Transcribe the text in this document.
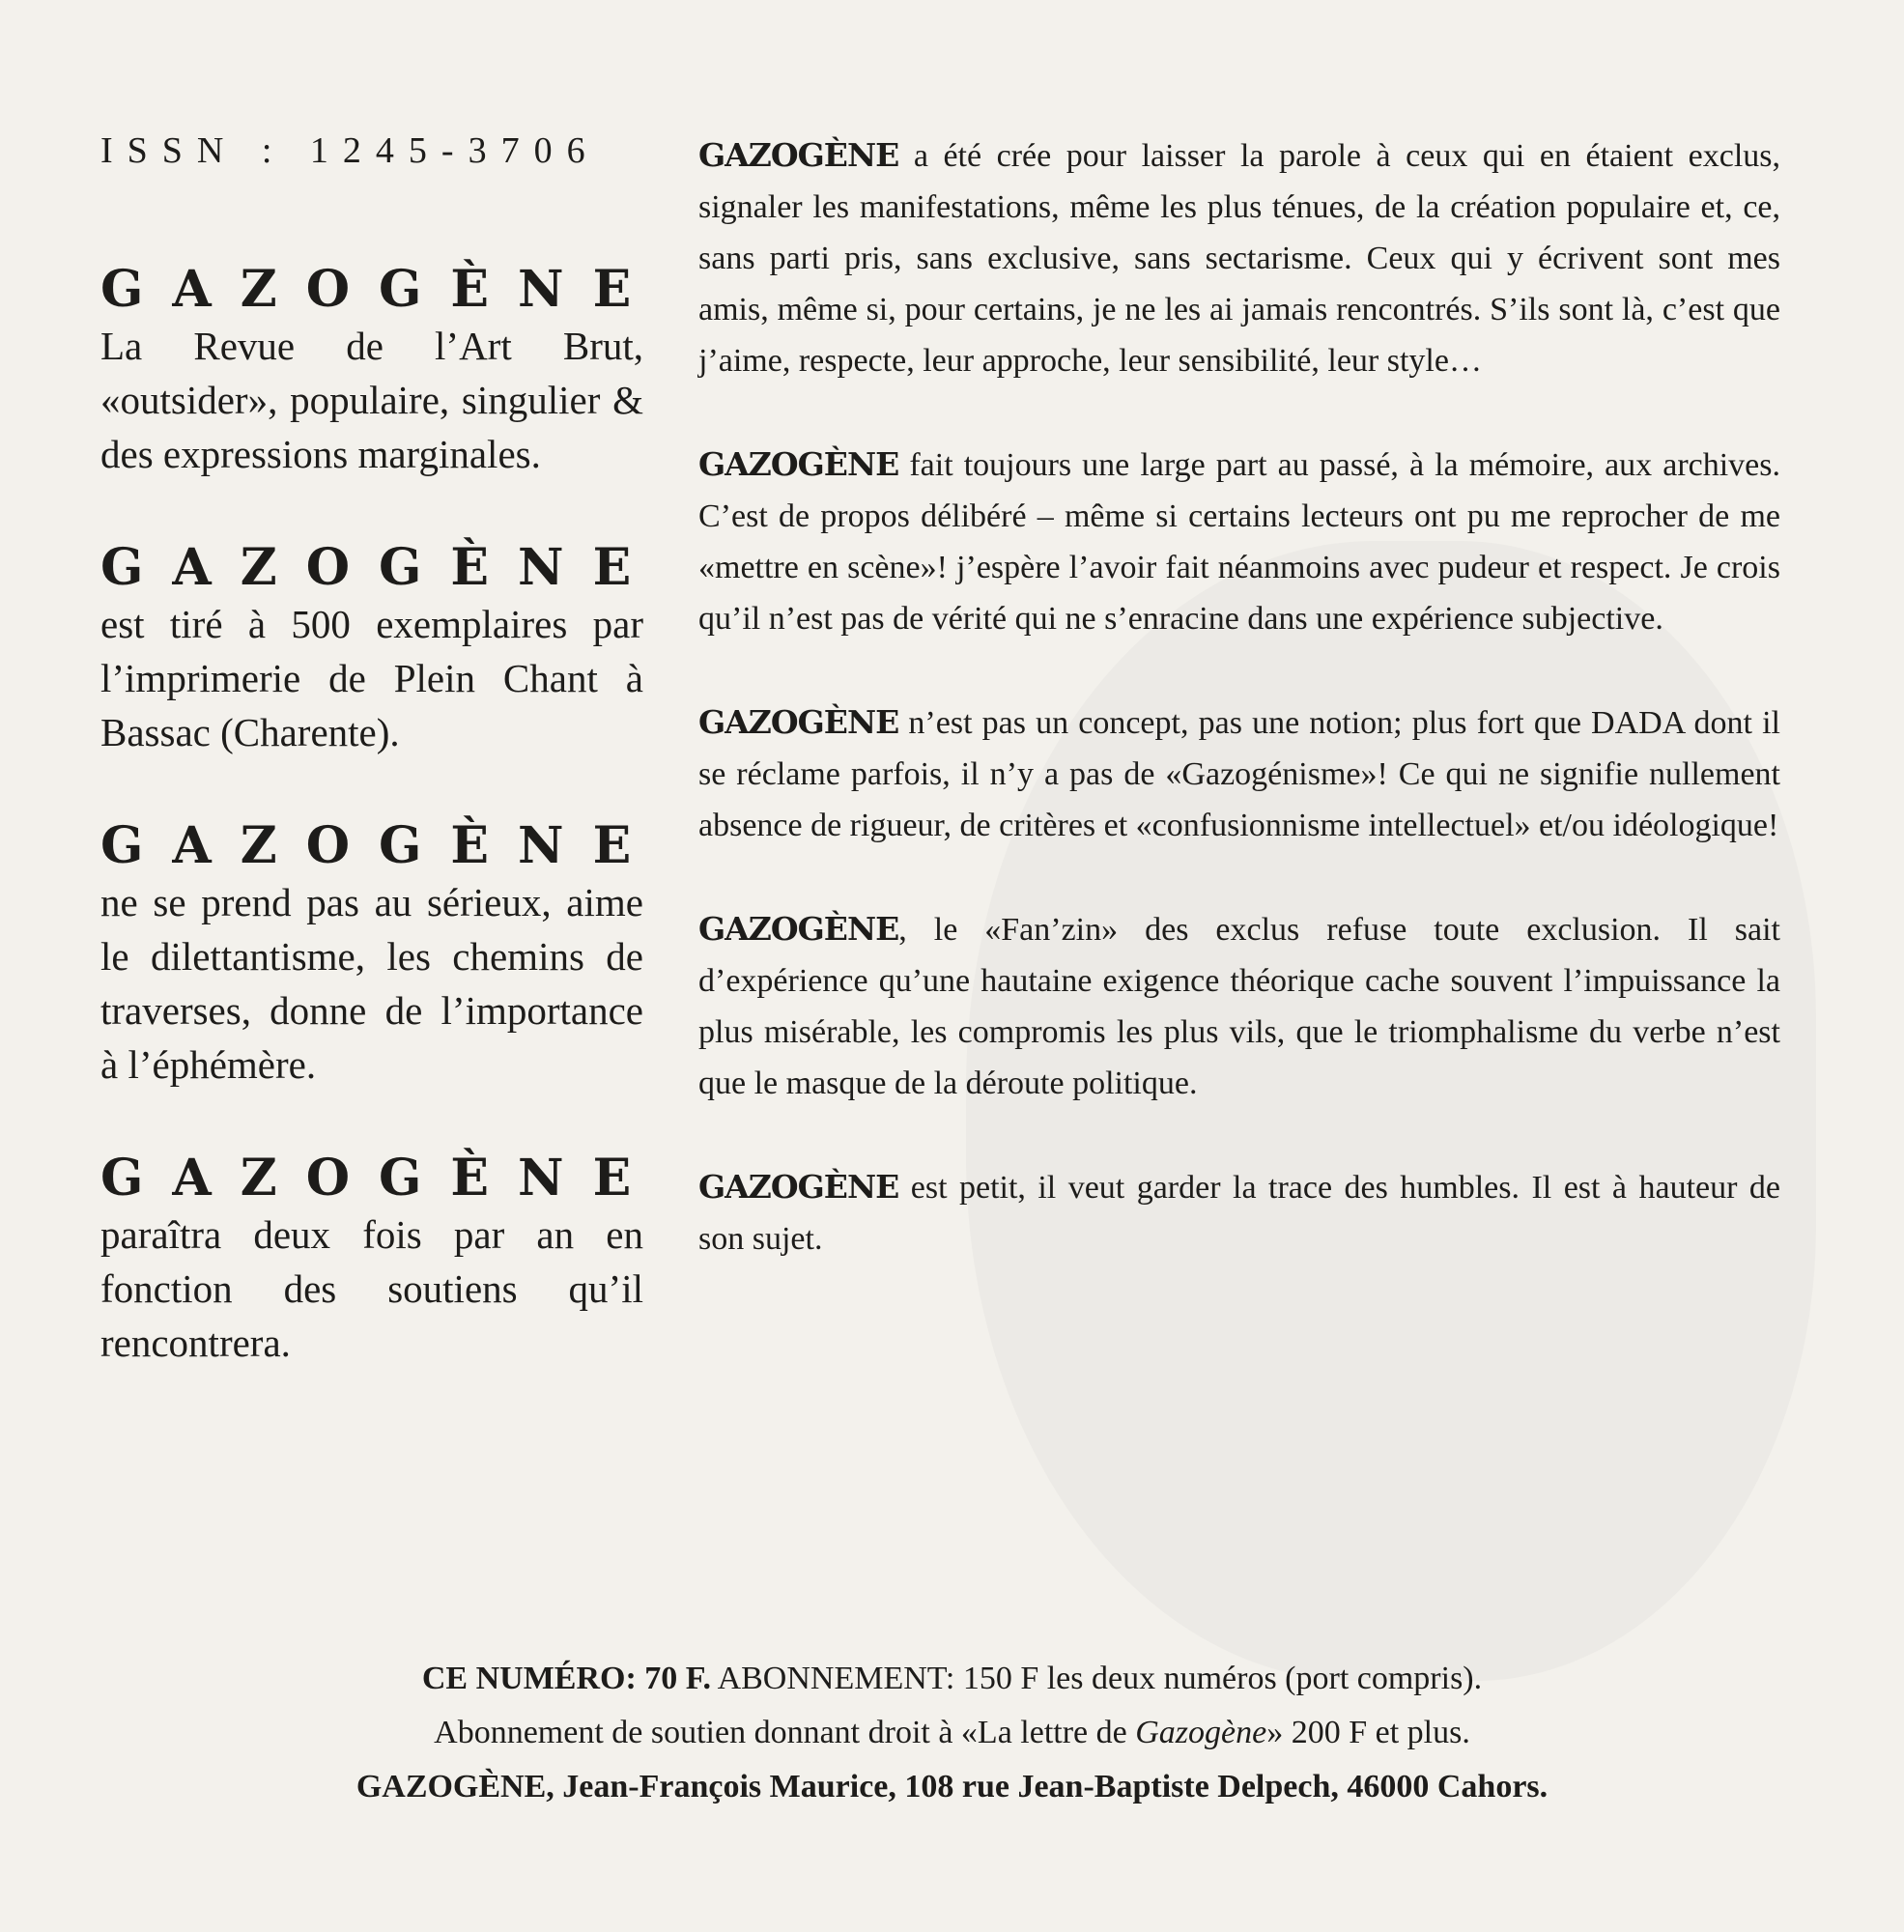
ISSN : 1245-3706
GAZOGÈNE

La Revue de l’Art Brut, «outsider», populaire, singulier & des expressions marginales.

GAZOGÈNE

est tiré à 500 exemplaires par l’imprimerie de Plein Chant à Bassac (Charente).

GAZOGÈNE

ne se prend pas au sérieux, aime le dilettantisme, les chemins de traverses, donne de l’importance à l’éphémère.

GAZOGÈNE

paraîtra deux fois par an en fonction des soutiens qu’il rencontrera.

GAZOGÈNE a été crée pour laisser la parole à ceux qui en étaient exclus, signaler les manifestations, même les plus ténues, de la création populaire et, ce, sans parti pris, sans exclusive, sans sectarisme. Ceux qui y écrivent sont mes amis, même si, pour certains, je ne les ai jamais rencontrés. S’ils sont là, c’est que j’aime, respecte, leur approche, leur sensibilité, leur style…

GAZOGÈNE fait toujours une large part au passé, à la mémoire, aux archives. C’est de propos délibéré – même si certains lecteurs ont pu me reprocher de me «mettre en scène»! j’espère l’avoir fait néanmoins avec pudeur et respect. Je crois qu’il n’est pas de vérité qui ne s’enracine dans une expérience subjective.

GAZOGÈNE n’est pas un concept, pas une notion; plus fort que DADA dont il se réclame parfois, il n’y a pas de «Gazogénisme»! Ce qui ne signifie nullement absence de rigueur, de critères et «confusionnisme intellectuel» et/ou idéologique!

GAZOGÈNE, le «Fan’zin» des exclus refuse toute exclusion. Il sait d’expérience qu’une hautaine exigence théorique cache souvent l’impuissance la plus misérable, les compromis les plus vils, que le triomphalisme du verbe n’est que le masque de la déroute politique.

GAZOGÈNE est petit, il veut garder la trace des humbles. Il est à hauteur de son sujet.

CE NUMÉRO: 70 F. ABONNEMENT: 150 F les deux numéros (port compris).
Abonnement de soutien donnant droit à «La lettre de Gazogène» 200 F et plus.
GAZOGÈNE, Jean-François Maurice, 108 rue Jean-Baptiste Delpech, 46000 Cahors.
